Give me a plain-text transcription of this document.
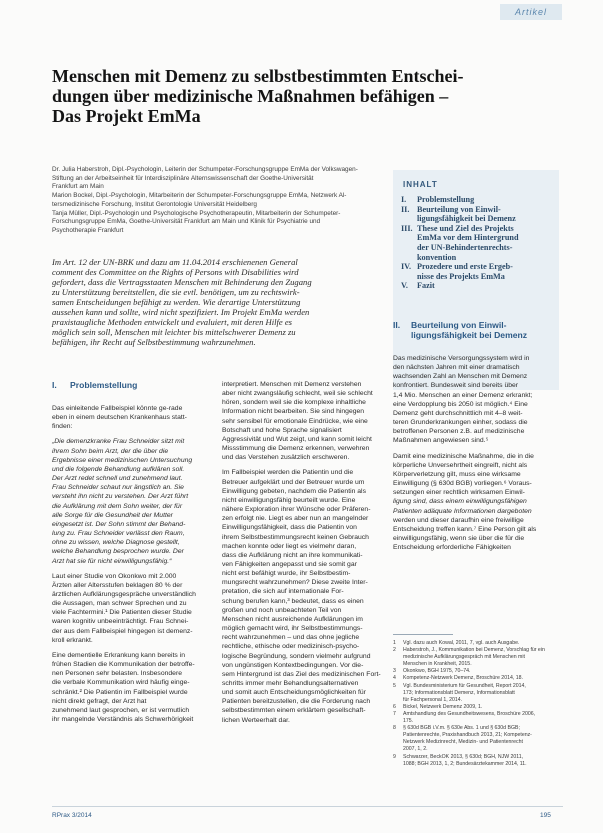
Artikel
Menschen mit Demenz zu selbstbestimmten Entschei-
dungen über medizinische Maßnahmen befähigen –
Das Projekt EmMa
Dr. Julia Haberstroh, Dipl.-Psychologin, Leiterin der Schumpeter-Forschungsgruppe EmMa der Volkswagen-
Stiftung an der Arbeitseinheit für Interdisziplinäre Alternswissenschaft der Goethe-Universität
Frankfurt am Main
Marion Bockel, Dipl.-Psychologin, Mitarbeiterin der Schumpeter-Forschungsgruppe EmMa, Netzwerk Al-
tersmedizinische Forschung, Institut Gerontologie Universität Heidelberg
Tanja Müller, Dipl.-Psychologin und Psychologische Psychotherapeutin, Mitarbeiterin der Schumpeter-
Forschungsgruppe EmMa, Goethe-Universität Frankfurt am Main und Klinik für Psychiatrie und
Psychotherapie Frankfurt
Im Art. 12 der UN-BRK und dazu am 11.04.2014 erschienenen General
comment des Committee on the Rights of Persons with Disabilities wird
gefordert, dass die Vertragsstaaten Menschen mit Behinderung den Zugang
zu Unterstützung bereitstellen, die sie evtl. benötigen, um zu rechtswirk-
samen Entscheidungen befähigt zu werden. Wie derartige Unterstützung
aussehen kann und sollte, wird nicht spezifiziert. Im Projekt EmMa werden
praxistaugliche Methoden entwickelt und evaluiert, mit deren Hilfe es
möglich sein soll, Menschen mit leichter bis mittelschwerer Demenz zu
befähigen, ihr Recht auf Selbstbestimmung wahrzunehmen.
INHALT
I.	Problemstellung
II. Beurteilung von Einwil-
ligungsfähigkeit bei Demenz
III. These und Ziel des Projekts
EmMa vor dem Hintergrund
der UN-Behindertenrechts-
konvention
IV. Prozedere und erste Ergeb-
nisse des Projekts EmMa
V.	Fazit
I.	Problemstellung
Das einleitende Fallbeispiel könnte ge-rade
eben in einem deutschen Krankenhaus statt-
finden:
„Die demenzkranke Frau Schneider sitzt mit
ihrem Sohn beim Arzt, der die über die
Ergebnisse einer medizinischen Untersuchung
und die folgende Behandlung aufklären soll.
Der Arzt redet schnell und zunehmend laut.
Frau Schneider schaut nur ängstlich an. Sie
versteht ihn nicht zu verstehen. Der Arzt führt
die Aufklärung mit dem Sohn weiter, der für
alle Sorge für die Gesundheit der Mutter
eingesetzt ist. Der Sohn stimmt der Behand-
lung zu. Frau Schneider verlässt den Raum,
ohne zu wissen, welche Diagnose gestellt,
welche Behandlung besprochen wurde. Der
Arzt hat sie für nicht einwilligungsfähig.“
Laut einer Studie von Okonkwo mit 2.000
Ärzten aller Altersstufen beklagen 80 % der
ärztlichen Aufklärungsgespräche unverständlich
die Aussagen, man schwer Sprechen und zu
viele Fachtermini.¹ Die Patienten dieser Studie
waren kognitiv unbeeinträchtigt. Frau Schnei-
der aus dem Fallbeispiel hingegen ist demenz-
kroll erkrankt.
Eine dementielle Erkrankung kann bereits in
frühen Stadien die Kommunikation der betroffe-
nen Personen sehr belasten. Insbesondere
die verbale Kommunikation wird häufig einge-
schränkt.² Die Patientin im Fallbeispiel wurde
nicht direkt gefragt, der Arzt hat
zunehmend laut gesprochen, er ist vermutlich
ihr mangelnde Verständnis als Schwerhörigkeit
interpretiert. Menschen mit Demenz verstehen
aber nicht zwangsläufig schlecht, weil sie schlecht
hören, sondern weil sie die komplexe inhaltliche
Information nicht bearbeiten. Sie sind hingegen
sehr sensibel für emotionale Eindrücke, wie eine
Botschaft und hohe Sprache signalisiert
Aggressivität und Wut zeigt, und kann somit leicht
Missstimmung die Demenz erkennen, verwehren
und das Verstehen zusätzlich erschweren.
Im Fallbeispiel werden die Patientin und die
Betreuer aufgeklärt und der Betreuer wurde um
Einwilligung gebeten, nachdem die Patientin als
nicht einwilligungsfähig beurteilt wurde. Eine
nähere Exploration ihrer Wünsche oder Präferen-
zen erfolgt nie. Liegt es aber nun an mangelnder
Einwilligungsfähigkeit, dass die Patientin von
ihrem Selbstbestimmungsrecht keinen Gebrauch
machen konnte oder liegt es vielmehr daran,
dass die Aufklärung nicht an ihre kommunikati-
ven Fähigkeiten angepasst und sie somit gar
nicht erst befähigt wurde, ihr Selbstbestim-
mungsrecht wahrzunehmen? Diese zweite Inter-
pretation, die sich auf internationale For-
schung berufen kann,³ bedeutet, dass es einen
großen und noch unbeachteten Teil von
Menschen nicht ausreichende Aufklärungen im
möglich gemacht wird, ihr Selbstbestimmungs-
recht wahrzunehmen – und das ohne jegliche
rechtliche, ethische oder medizinisch-psycho-
logische Begründung, sondern vielmehr aufgrund
von ungünstigen Kontextbedingungen. Vor die-
sem Hintergrund ist das Ziel des medizinischen Fort-
schritts immer mehr Behandlungsalternativen
und somit auch Entscheidungsmöglichkeiten für
Patienten bereitzustellen, die die Forderung nach
selbstbestimmten einem erklärtem gesellschaft-
lichen Werteerhalt dar.
II.	Beurteilung von Einwil-
ligungsfähigkeit bei Demenz
Das medizinische Versorgungssystem wird in
den nächsten Jahren mit einer dramatisch
wachsenden Zahl an Menschen mit Demenz
konfrontiert. Bundesweit sind bereits über
1,4 Mio. Menschen an einer Demenz erkrankt;
eine Verdopplung bis 2050 ist möglich.⁴ Eine
Demenz geht durchschnittlich mit 4–8 weit-
teren Grunderkrankungen einher, sodass die
betroffenen Personen z.B. auf medizinische
Maßnahmen angewiesen sind.⁵
Damit eine medizinische Maßnahme, die in die
körperliche Unversehrtheit eingreift, nicht als
Körperverletzung gilt, muss eine wirksame
Einwilligung (§ 630d BGB) vorliegen.⁶ Voraus-
setzungen einer rechtlich wirksamen Einwil-
ligung sind, dass einem einwilligungsfähigen
Patienten adäquate Informationen dargeboten
werden und dieser daraufhin eine freiwillige
Entscheidung treffen kann.⁷ Eine Person gilt als
einwilligungsfähig, wenn sie über die für die
Entscheidung erforderliche Fähigkeiten
1	Vgl. dazu auch Kowal, 2011, 7, vgl. auch Ausgabe.
2	Haberstroh, J., Kommunikation bei Demenz, Vorschlag für ein
medizinische Aufklärungsgespräch mit Menschen mit
Menschen in Krankheit, 2015.
3	Okonkwo, BGH 1975, 70–74.
4	Kompetenz-Netzwerk Demenz, Broschüre 2014, 18.
5	Vgl. Bundesministerium für Gesundheit, Report 2014,
173; Informationsblatt Demenz, Informationsblatt
für Fachpersonal 1, 2014.
6	Bickel, Netzwerk Demenz 2009, 1.
7	Amtshandlung des Gesundheitswesens, Broschüre 2006,
175.
8	§ 630d BGB i.V.m. § 630e Abs. 1 und § 630d BGB;
Patientenrechte, Praxishandbuch 2013, 21; Kompetenz-
Netzwerk Medizinrecht, Medizin- und Patientenrecht
2007, 1, 2.
9	Schwarzer, BeckOK 2013, § 630d; BGH, NJW 2011,
1088; BGH 2013, 1, 2; Bundesärztekammer 2014, 11.
RPrax 3/2014	195
